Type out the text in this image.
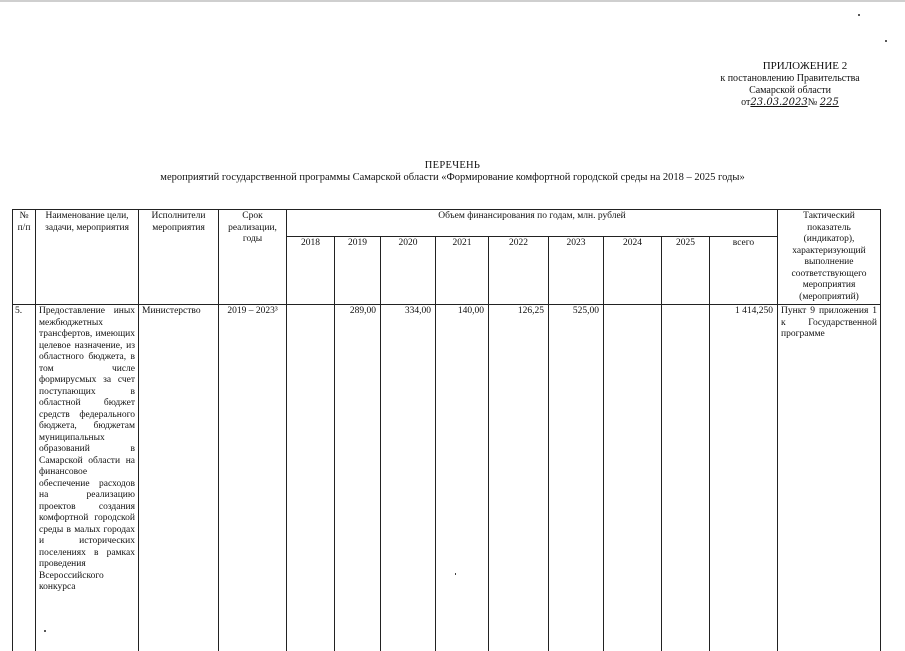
ПРИЛОЖЕНИЕ 2
к постановлению Правительства
Самарской области
от23.03.2023№ 225
ПЕРЕЧЕНЬ
мероприятий государственной программы Самарской области «Формирование комфортной городской среды на 2018 – 2025 годы»
№ п/п	Наименование цели, задачи, мероприятия	Исполнители мероприятия	Срок реализации, годы	Объем финансирования по годам, млн. рублей									Тактический показатель (индикатор), характеризующий выполнение соответствующего мероприятия (мероприятий)
				2018	2019	2020	2021	2022	2023	2024	2025	всего	
5.	Предоставление иных межбюджетных трансфертов, имеющих целевое назначение, из областного бюджета, в том числе формирусмых за счет поступающих в областной бюджет средств федерального бюджета, бюджетам муниципальных образований в Самарской области на финансовое обеспечение расходов на реализацию проектов создания комфортной городской среды в малых городах и исторических поселениях в рамках проведения Всероссийского конкурса	Министерство	2019 – 2023³		289,00	334,00	140,00	126,25	525,00			1 414,250	Пункт 9 приложения 1 к Государственной программе
